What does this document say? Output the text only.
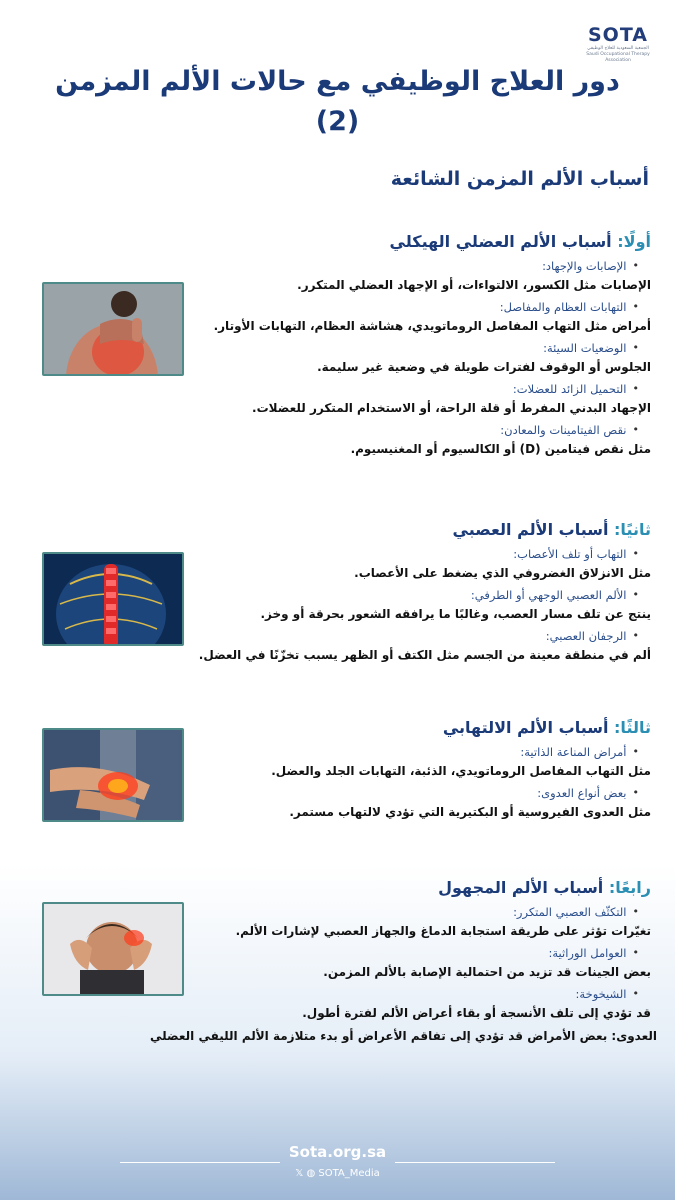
SOTA
الجمعية السعودية للعلاج الوظيفي
Saudi Occupational Therapy Association
دور العلاج الوظيفي مع حالات الألم المزمن
(2)
أسباب الألم المزمن الشائعة
أولًا: أسباب الألم العضلي الهيكلي
•
الإصابات والإجهاد:
الإصابات مثل الكسور، الالتواءات، أو الإجهاد العضلي المتكرر.
•
التهابات العظام والمفاصل:
أمراض مثل التهاب المفاصل الروماتويدي، هشاشة العظام، التهابات الأوتار.
•
الوضعيات السيئة:
الجلوس أو الوقوف لفترات طويلة في وضعية غير سليمة.
•
التحميل الزائد للعضلات:
الإجهاد البدني المفرط أو قلة الراحة، أو الاستخدام المتكرر للعضلات.
•
نقص الفيتامينات والمعادن:
مثل نقص فيتامين (D) أو الكالسيوم أو المغنيسيوم.
ثانيًا: أسباب الألم العصبي
•
التهاب أو تلف الأعصاب:
مثل الانزلاق الغضروفي الذي يضغط على الأعصاب.
•
الألم العصبي الوجهي أو الطرفي:
ينتج عن تلف مسار العصب، وغالبًا ما يرافقه الشعور بحرقة أو وخز.
•
الرجفان العصبي:
ألم في منطقة معينة من الجسم مثل الكتف أو الظهر يسبب تخزّنًا في العضل.
ثالثًا: أسباب الألم الالتهابي
•
أمراض المناعة الذاتية:
مثل التهاب المفاصل الروماتويدي، الذئبة، التهابات الجلد والعضل.
•
بعض أنواع العدوى:
مثل العدوى الفيروسية أو البكتيرية التي تؤدي لالتهاب مستمر.
رابعًا: أسباب الألم المجهول
•
التكثّف العصبي المتكرر:
تغيّرات تؤثر على طريقة استجابة الدماغ والجهاز العصبي لإشارات الألم.
•
العوامل الوراثية:
بعض الجينات قد تزيد من احتمالية الإصابة بالألم المزمن.
•
الشيخوخة:
قد تؤدي إلى تلف الأنسجة أو بقاء أعراض الألم لفترة أطول.
العدوى: بعض الأمراض قد تؤدي إلى تفاقم الأعراض أو بدء متلازمة الألم الليفي العضلي
Sota.org.sa
𝕏 ◍ SOTA_Media
